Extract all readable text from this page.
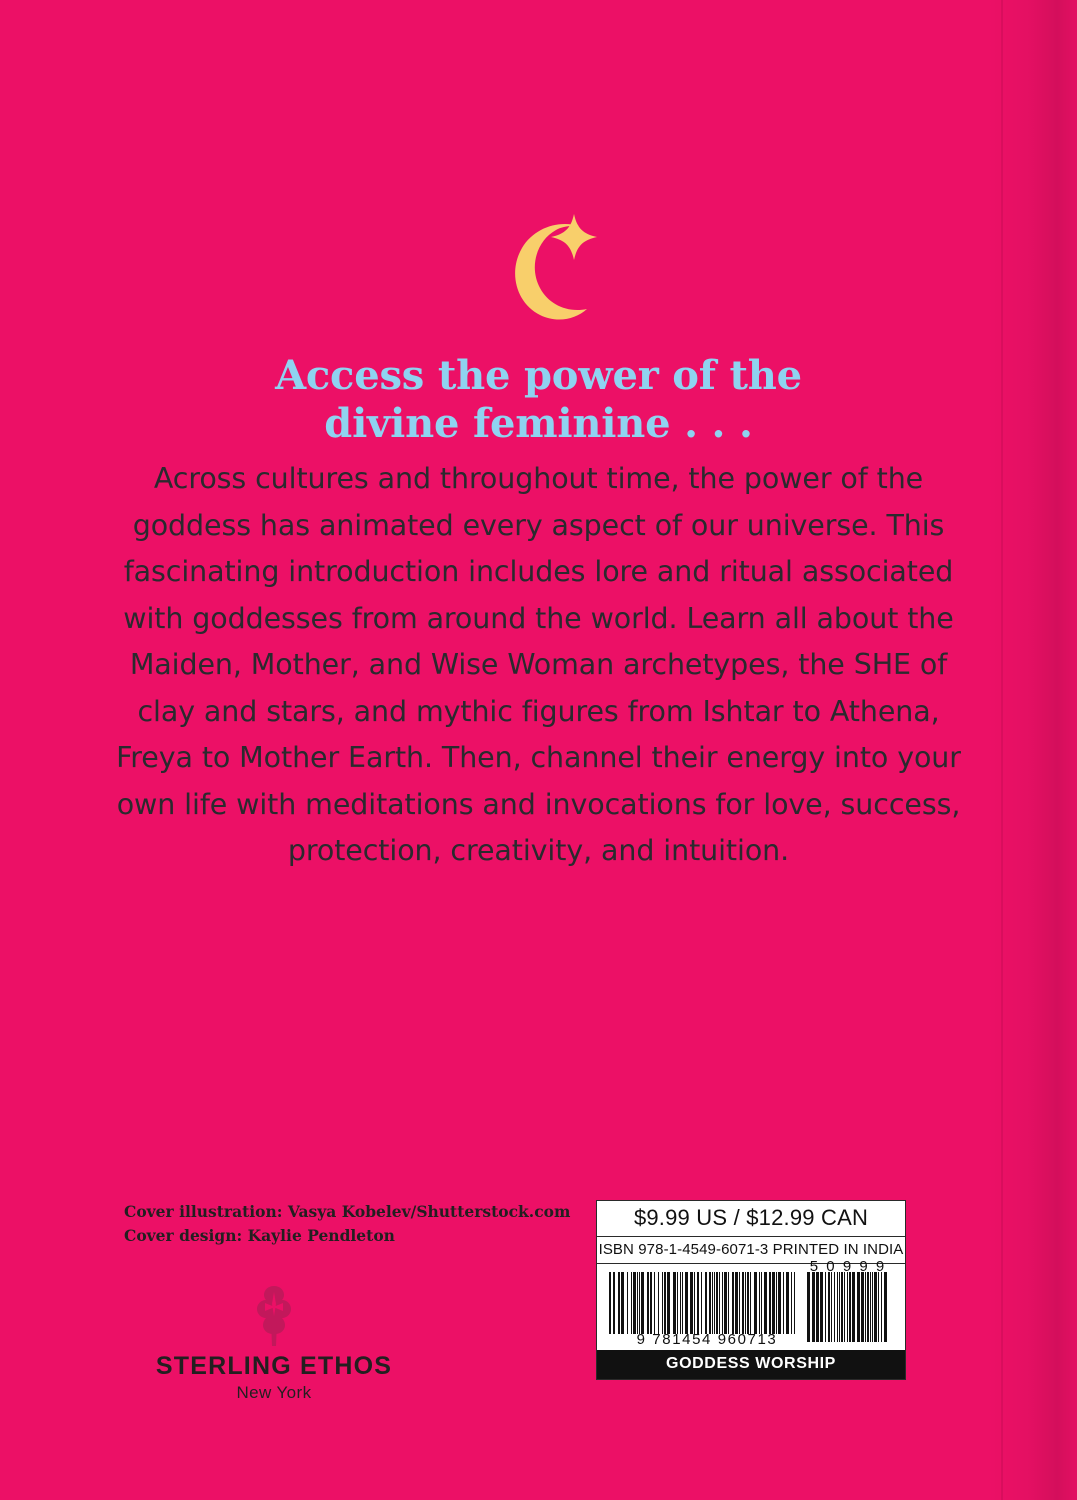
Access the power of the
divine feminine . . .
Across cultures and throughout time, the power of the goddess has animated every aspect of our universe. This fascinating introduction includes lore and ritual associated with goddesses from around the world. Learn all about the Maiden, Mother, and Wise Woman archetypes, the SHE of clay and stars, and mythic figures from Ishtar to Athena, Freya to Mother Earth. Then, channel their energy into your own life with meditations and invocations for love, success, protection, creativity, and intuition.
Cover illustration: Vasya Kobelev/Shutterstock.com
Cover design: Kaylie Pendleton
STERLING ETHOS
New York
$9.99 US / $12.99 CAN
ISBN 978-1-4549-6071-3 PRINTED IN INDIA
5 0 9 9 9
9 781454 960713
GODDESS WORSHIP
